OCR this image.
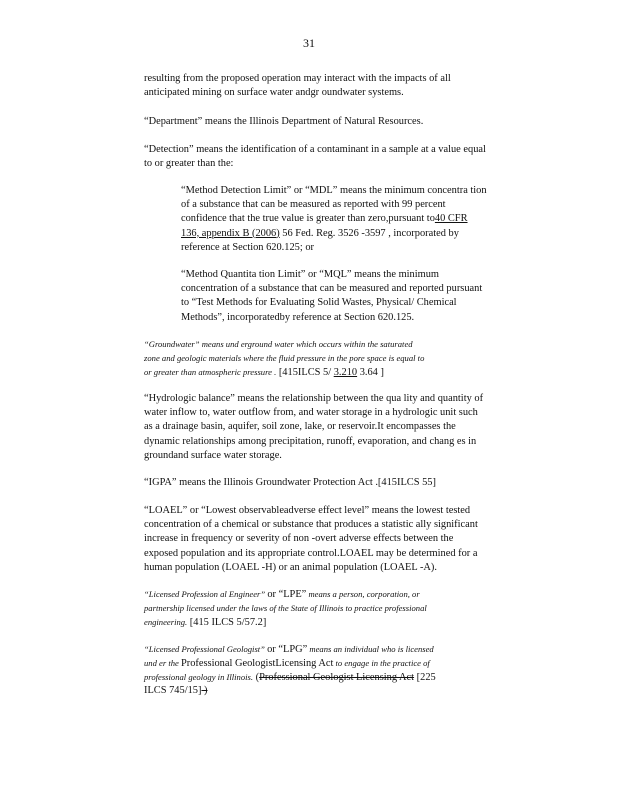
31
resulting from the proposed operation may interact with the impacts of all
anticipated mining on surface water andgr oundwater systems.
“Department” means the Illinois Department of Natural Resources.
“Detection” means the identification of a contaminant in a sample at a value equal
to or greater than the:
“Method Detection Limit” or “MDL” means the minimum concentra tion
of a substance that can be measured as reported with 99 percent
confidence that the true value is greater than zero,pursuant to40 CFR
136, appendix B (2006) 56 Fed. Reg. 3526 -3597 , incorporated by
reference at Section 620.125; or
“Method Quantita tion Limit” or “MQL” means the minimum
concentration of a substance that can be measured and reported pursuant
to “Test Methods for Evaluating Solid Wastes, Physical/ Chemical
Methods”, incorporatedby reference at Section 620.125.
“Groundwater” means und erground water which occurs within the saturated
zone and geologic materials where the fluid pressure in the pore space is equal to
or greater than atmospheric pressure . [415ILCS 5/ 3.210 3.64 ]
“Hydrologic balance” means the relationship between the qua lity and quantity of
water inflow to, water outflow from, and water storage in a hydrologic unit such
as a drainage basin, aquifer, soil zone, lake, or reservoir.It encompasses the
dynamic relationships among precipitation, runoff, evaporation, and chang es in
groundand surface water storage.
“IGPA” means the Illinois Groundwater Protection Act .[415ILCS 55]
“LOAEL” or “Lowest observableadverse effect level” means the lowest tested
concentration of a chemical or substance that produces a statistic ally significant
increase in frequency or severity of non -overt adverse effects between the
exposed population and its appropriate control.LOAEL may be determined for a
human population (LOAEL -H) or an animal population (LOAEL -A).
“Licensed Profession al Engineer” or “LPE” means a person, corporation, or
partnership licensed under the laws of the State of Illinois to practice professional
engineering. [415 ILCS 5/57.2]
“Licensed Professional Geologist” or “LPG” means an individual who is licensed
und er the Professional GeologistLicensing Act to engage in the practice of
professional geology in Illinois. (Professional Geologist Licensing Act [225
ILCS 745/15] )
